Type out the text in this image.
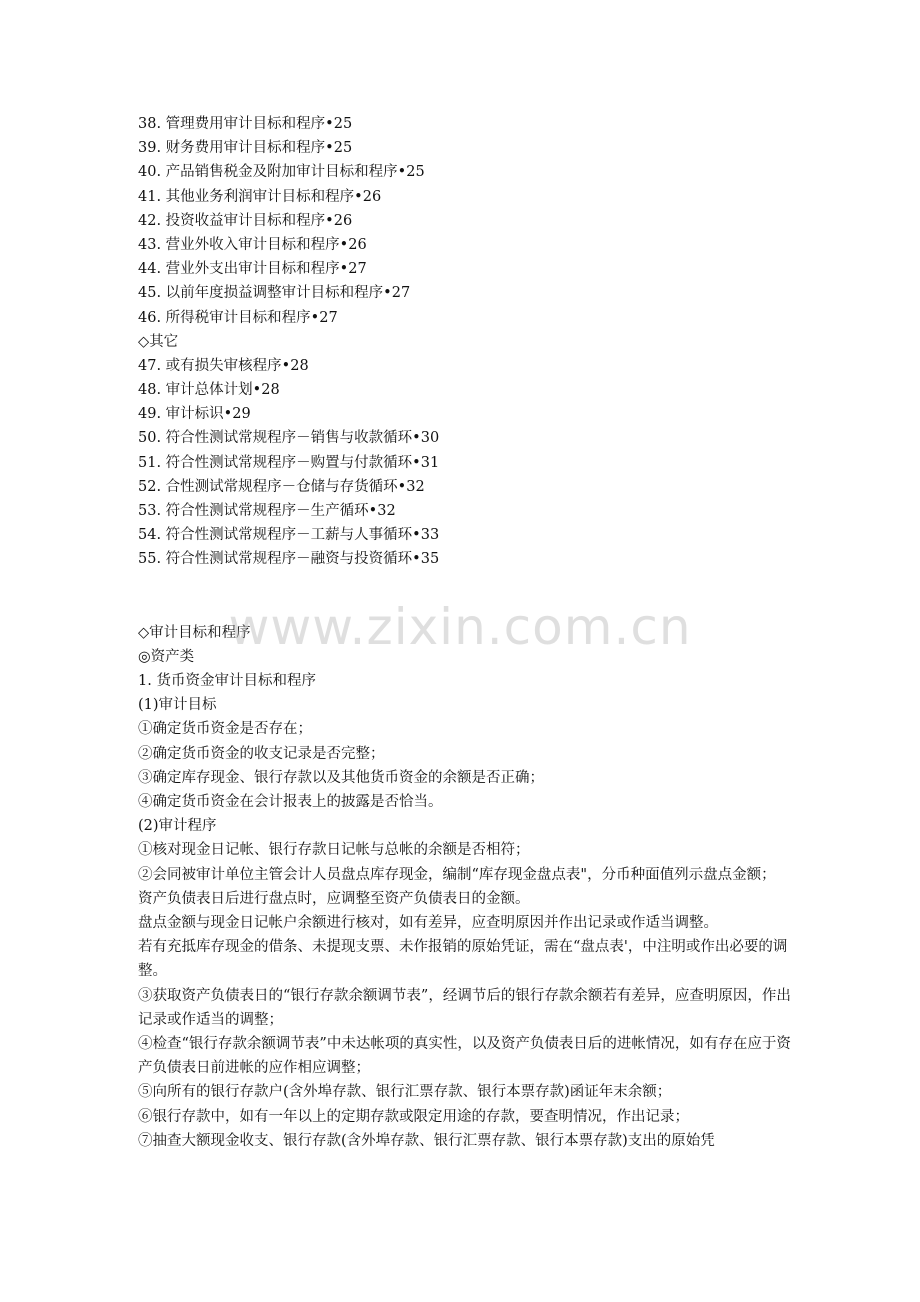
38. 管理费用审计目标和程序•25
39. 财务费用审计目标和程序•25
40. 产品销售税金及附加审计目标和程序•25
41. 其他业务利润审计目标和程序•26
42. 投资收益审计目标和程序•26
43. 营业外收入审计目标和程序•26
44. 营业外支出审计目标和程序•27
45. 以前年度损益调整审计目标和程序•27
46. 所得税审计目标和程序•27
◇其它
47. 或有损失审核程序•28
48. 审计总体计划•28
49. 审计标识•29
50. 符合性测试常规程序－销售与收款循环•30
51. 符合性测试常规程序－购置与付款循环•31
52. 合性测试常规程序－仓储与存货循环•32
53. 符合性测试常规程序－生产循环•32
54. 符合性测试常规程序－工薪与人事循环•33
55. 符合性测试常规程序－融资与投资循环•35
◇审计目标和程序
◎资产类
1. 货币资金审计目标和程序
(1)审计目标
①确定货币资金是否存在；
②确定货币资金的收支记录是否完整；
③确定库存现金、银行存款以及其他货币资金的余额是否正确；
④确定货币资金在会计报表上的披露是否恰当。
(2)审计程序
①核对现金日记帐、银行存款日记帐与总帐的余额是否相符；
②会同被审计单位主管会计人员盘点库存现金，编制“库存现金盘点表"，分币种面值列示盘点金额；
资产负债表日后进行盘点时，应调整至资产负债表日的金额。
盘点金额与现金日记帐户余额进行核对，如有差异，应查明原因并作出记录或作适当调整。
若有充抵库存现金的借条、未提现支票、未作报销的原始凭证，需在“盘点表'，中注明或作出必要的调整。
③获取资产负债表日的“银行存款余额调节表”，经调节后的银行存款余额若有差异，应查明原因，作出记录或作适当的调整；
④检查“银行存款余额调节表”中未达帐项的真实性，以及资产负债表日后的进帐情况，如有存在应于资产负债表日前进帐的应作相应调整；
⑤向所有的银行存款户(含外埠存款、银行汇票存款、银行本票存款)函证年末余额；
⑥银行存款中，如有一年以上的定期存款或限定用途的存款，要查明情况，作出记录；
⑦抽查大额现金收支、银行存款(含外埠存款、银行汇票存款、银行本票存款)支出的原始凭
www.zixin.com.cn
